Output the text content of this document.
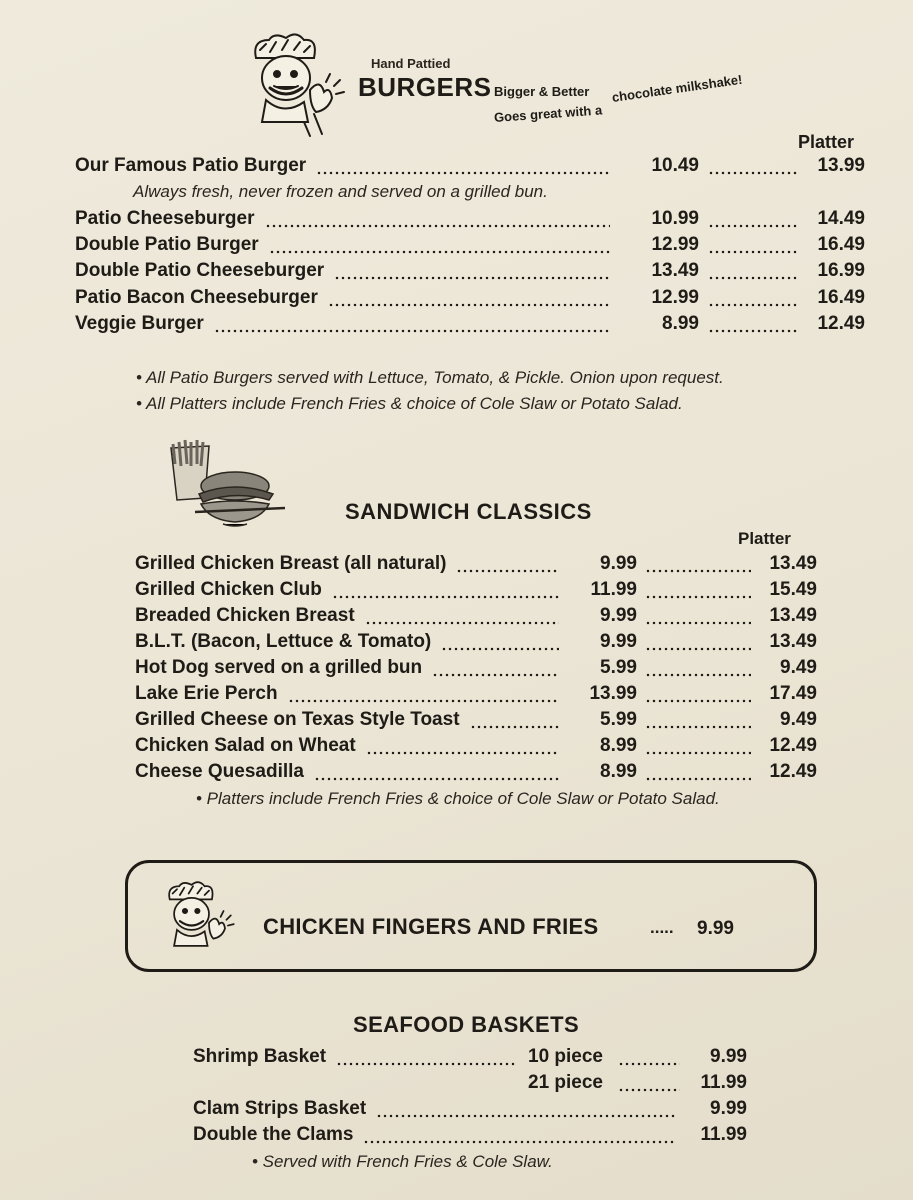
Hand Pattied
BURGERS Bigger & Better
Goes great with a
chocolate milkshake!
Platter
Our Famous Patio Burger	10.49	13.99
Patio Cheeseburger	10.99	14.49
Double Patio Burger	12.99	16.49
Double Patio Cheeseburger	13.49	16.99
Patio Bacon Cheeseburger	12.99	16.49
Veggie Burger	8.99	12.49
Always fresh, never frozen and served on a grilled bun.
• All Patio Burgers served with Lettuce, Tomato, & Pickle. Onion upon request.
• All Platters include French Fries & choice of Cole Slaw or Potato Salad.
SANDWICH CLASSICS
Platter
Grilled Chicken Breast (all natural)	9.99	13.49
Grilled Chicken Club	11.99	15.49
Breaded Chicken Breast	9.99	13.49
B.L.T. (Bacon, Lettuce & Tomato)	9.99	13.49
Hot Dog served on a grilled bun	5.99	9.49
Lake Erie Perch	13.99	17.49
Grilled Cheese on Texas Style Toast	5.99	9.49
Chicken Salad on Wheat	8.99	12.49
Cheese Quesadilla	8.99	12.49
• Platters include French Fries & choice of Cole Slaw or Potato Salad.
CHICKEN FINGERS AND FRIES	..... 9.99
SEAFOOD BASKETS
Shrimp Basket	10 piece	9.99
21 piece	11.99
Clam Strips Basket	9.99
Double the Clams	11.99
• Served with French Fries & Cole Slaw.
